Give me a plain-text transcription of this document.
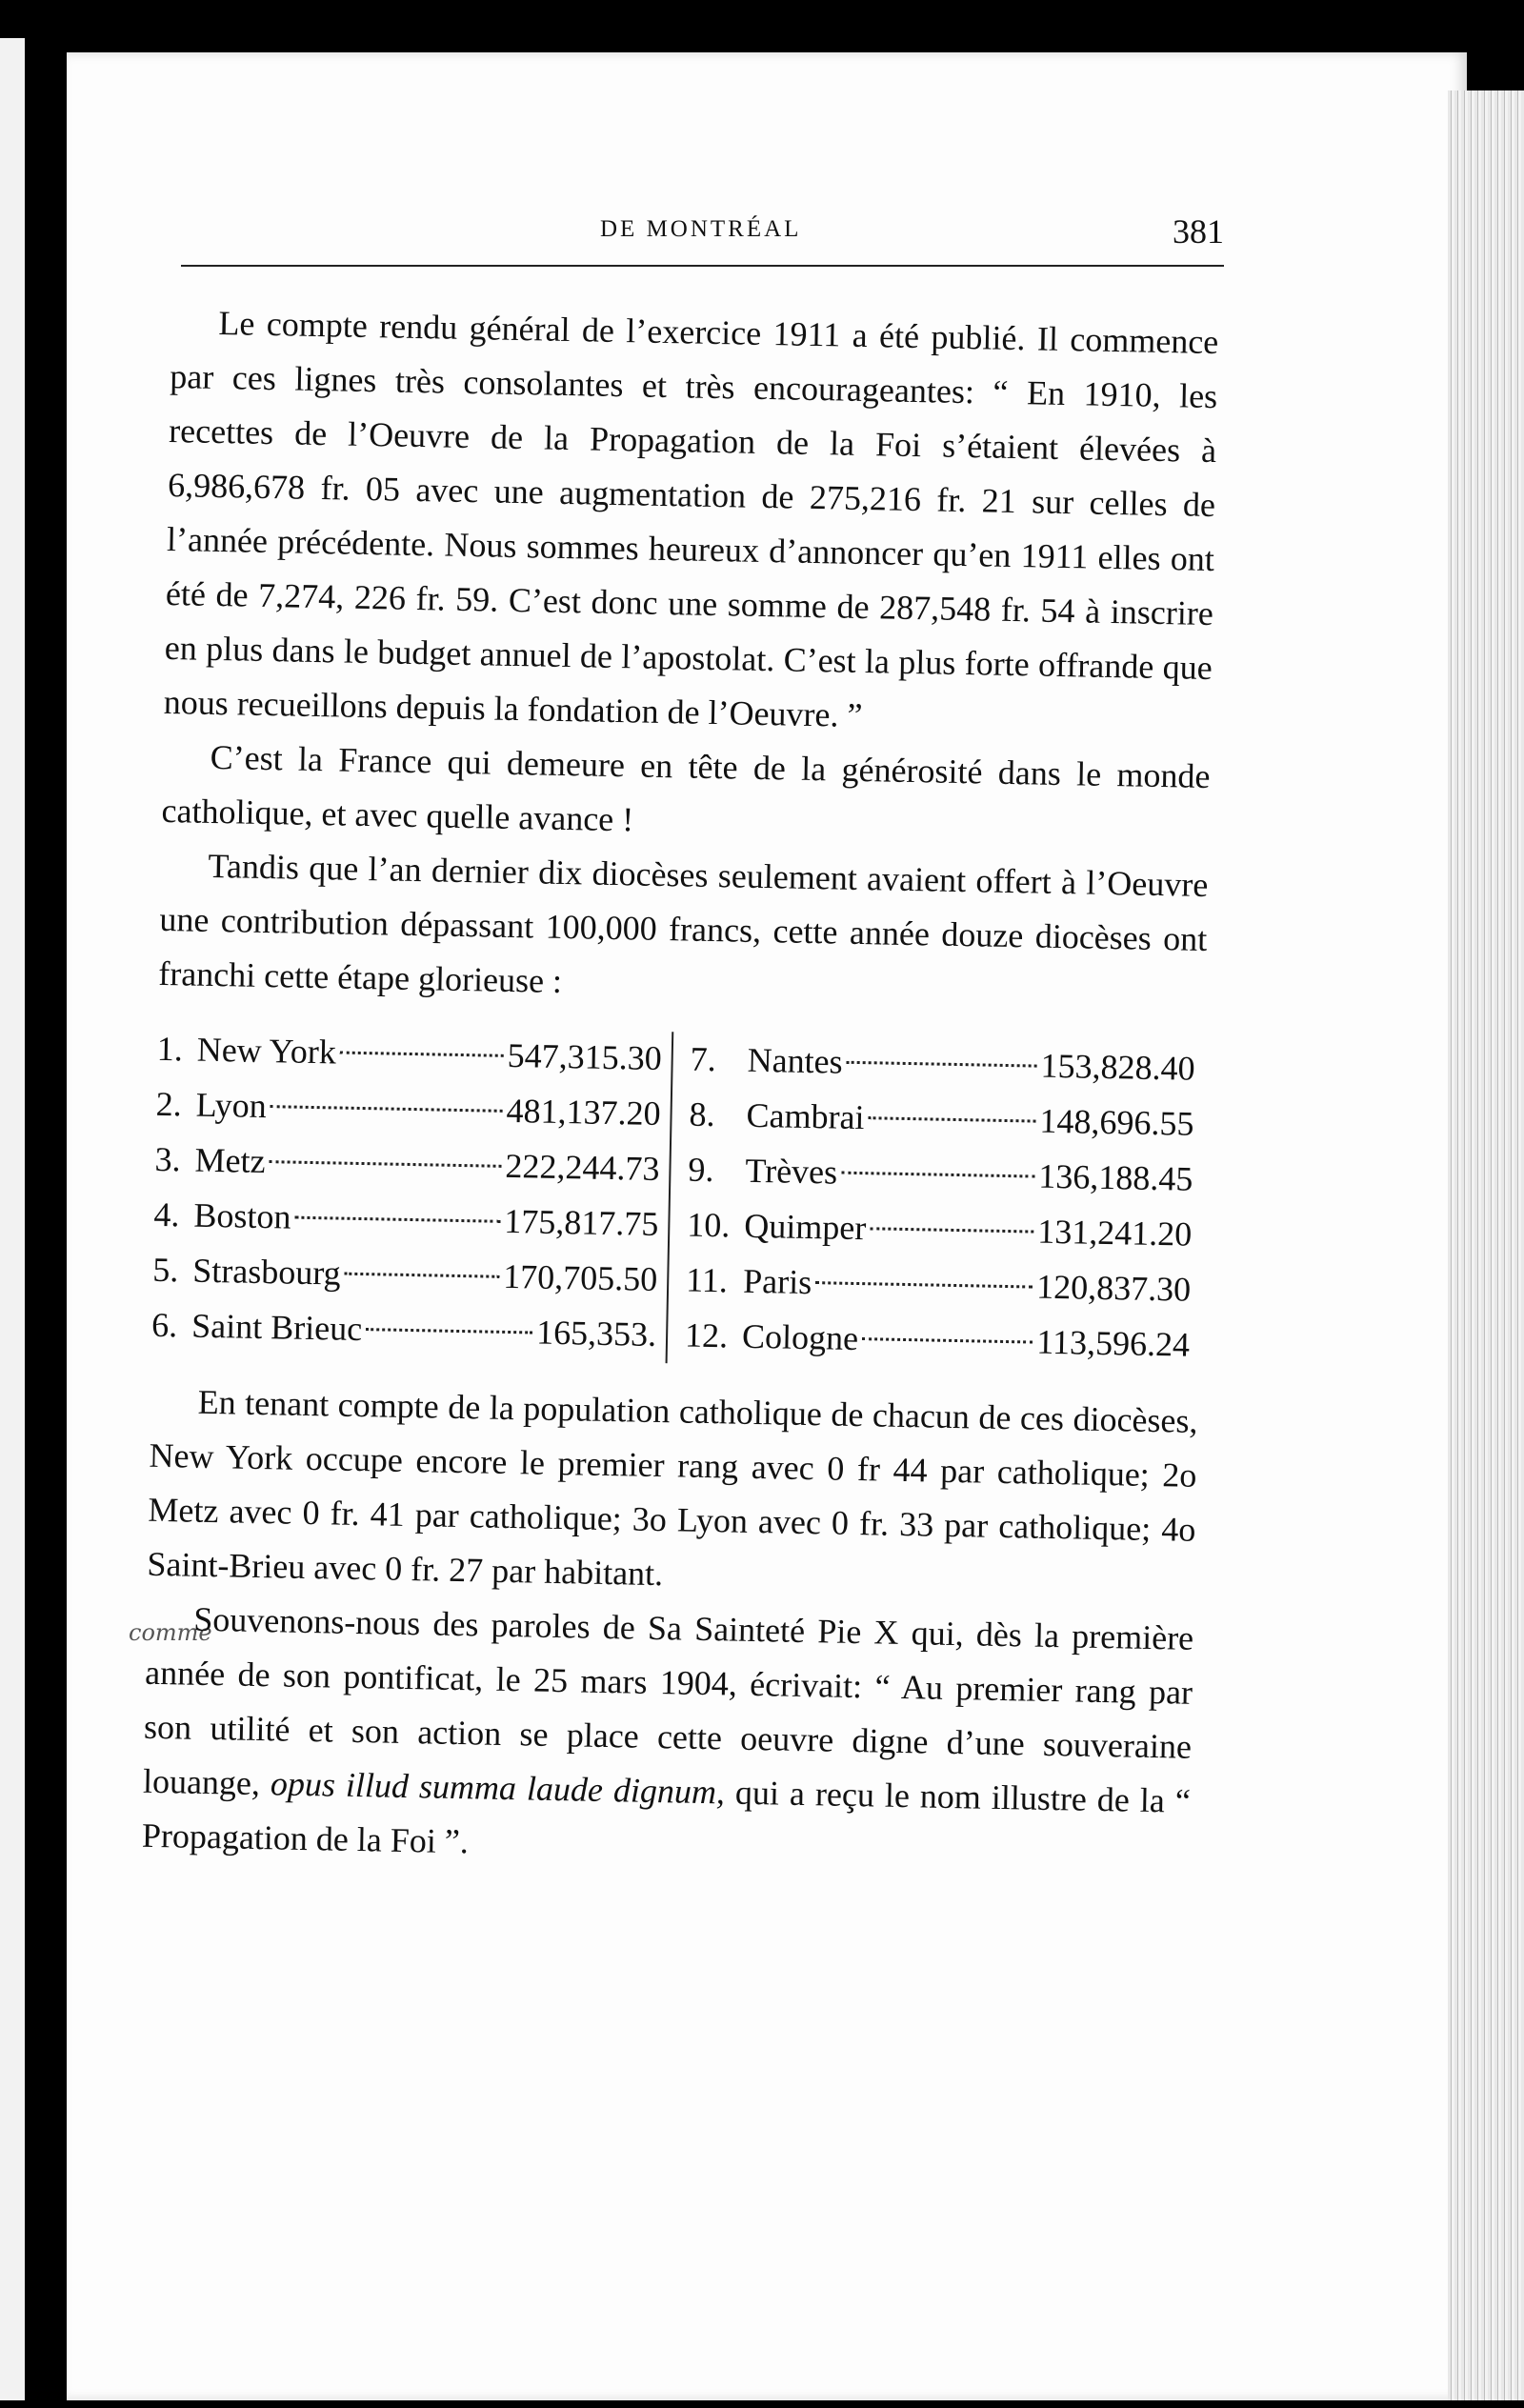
DE MONTRÉAL	381
comme

Le compte rendu général de l’exercice 1911 a été publié. Il commence par ces lignes très consolantes et très encourageantes: “ En 1910, les recettes de l’Oeuvre de la Propagation de la Foi s’étaient élevées à 6,986,678 fr. 05 avec une augmentation de 275,216 fr. 21 sur celles de l’année précédente. Nous sommes heureux d’annoncer qu’en 1911 elles ont été de 7,274, 226 fr. 59. C’est donc une somme de 287,548 fr. 54 à inscrire en plus dans le budget annuel de l’apostolat. C’est la plus forte offrande que nous recueillons depuis la fondation de l’Oeuvre. ”

C’est la France qui demeure en tête de la générosité dans le monde catholique, et avec quelle avance !

Tandis que l’an dernier dix diocèses seulement avaient offert à l’Oeuvre une contribution dépassant 100,000 francs, cette année douze diocèses ont franchi cette étape glorieuse :

1. New York	547,315.30
2. Lyon	481,137.20
3. Metz	222,244.73
4. Boston	175,817.75
5. Strasbourg	170,705.50
6. Saint Brieuc	165,353.
7. Nantes	153,828.40
8. Cambrai	148,696.55
9. Trèves	136,188.45
10. Quimper	131,241.20
11. Paris	120,837.30
12. Cologne	113,596.24

En tenant compte de la population catholique de chacun de ces diocèses, New York occupe encore le premier rang avec 0 fr 44 par catholique; 2o Metz avec 0 fr. 41 par catholique; 3o Lyon avec 0 fr. 33 par catholique; 4o Saint-Brieu avec 0 fr. 27 par habitant.

Souvenons-nous des paroles de Sa Sainteté Pie X qui, dès la première année de son pontificat, le 25 mars 1904, écrivait: “ Au premier rang par son utilité et son action se place cette oeuvre digne d’une souveraine louange, opus illud summa laude dignum, qui a reçu le nom illustre de la “ Propagation de la Foi ”.
